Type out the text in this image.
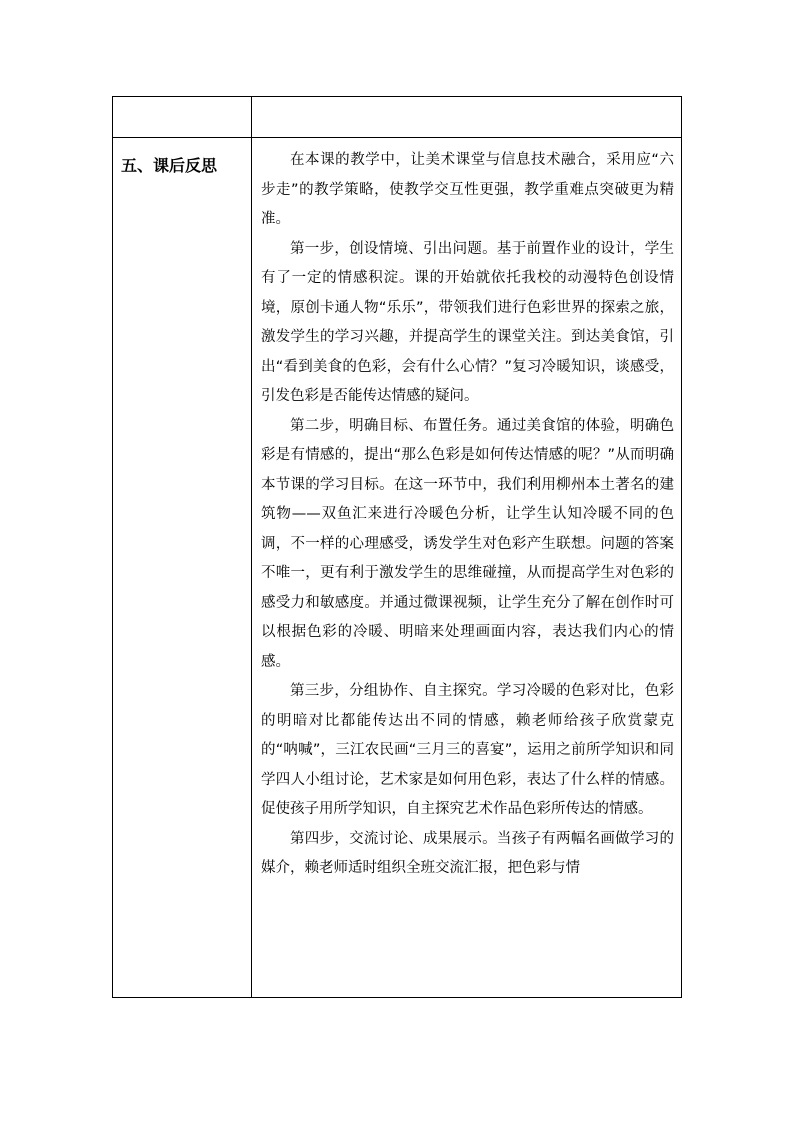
五、课后反思	在本课的教学中，让美术课堂与信息技术融合，采用应“六步走”的教学策略，使教学交互性更强，教学重难点突破更为精准。

第一步，创设情境、引出问题。基于前置作业的设计，学生有了一定的情感积淀。课的开始就依托我校的动漫特色创设情境，原创卡通人物“乐乐”，带领我们进行色彩世界的探索之旅，激发学生的学习兴趣，并提高学生的课堂关注。到达美食馆，引出“看到美食的色彩，会有什么心情？”复习冷暖知识，谈感受，引发色彩是否能传达情感的疑问。

第二步，明确目标、布置任务。通过美食馆的体验，明确色彩是有情感的，提出“那么色彩是如何传达情感的呢？”从而明确本节课的学习目标。在这一环节中，我们利用柳州本土著名的建筑物——双鱼汇来进行冷暖色分析，让学生认知冷暖不同的色调，不一样的心理感受，诱发学生对色彩产生联想。问题的答案不唯一，更有利于激发学生的思维碰撞，从而提高学生对色彩的感受力和敏感度。并通过微课视频，让学生充分了解在创作时可以根据色彩的冷暖、明暗来处理画面内容，表达我们内心的情感。

第三步，分组协作、自主探究。学习冷暖的色彩对比，色彩的明暗对比都能传达出不同的情感，赖老师给孩子欣赏蒙克的“呐喊”，三江农民画“三月三的喜宴”，运用之前所学知识和同学四人小组讨论，艺术家是如何用色彩，表达了什么样的情感。促使孩子用所学知识，自主探究艺术作品色彩所传达的情感。

第四步，交流讨论、成果展示。当孩子有两幅名画做学习的媒介，赖老师适时组织全班交流汇报，把色彩与情
